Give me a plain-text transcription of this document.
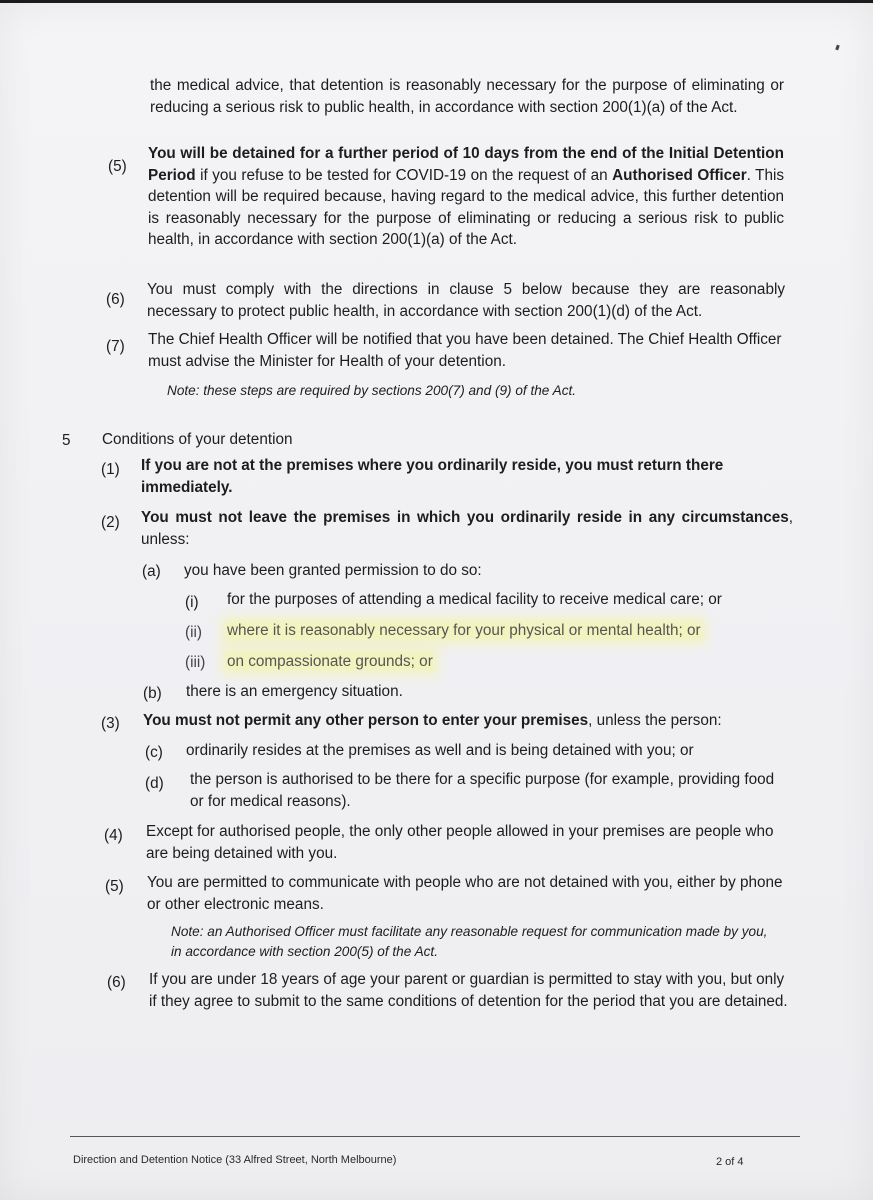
the medical advice, that detention is reasonably necessary for the purpose of eliminating or reducing a serious risk to public health, in accordance with section 200(1)(a) of the Act.
(5)
You will be detained for a further period of 10 days from the end of the Initial Detention Period if you refuse to be tested for COVID-19 on the request of an Authorised Officer. This detention will be required because, having regard to the medical advice, this further detention is reasonably necessary for the purpose of eliminating or reducing a serious risk to public health, in accordance with section 200(1)(a) of the Act.
(6)
You must comply with the directions in clause 5 below because they are reasonably necessary to protect public health, in accordance with section 200(1)(d) of the Act.
(7) The Chief Health Officer will be notified that you have been detained. The Chief Health Officer must advise the Minister for Health of your detention.
Note: these steps are required by sections 200(7) and (9) of the Act.
5 Conditions of your detention
(1) If you are not at the premises where you ordinarily reside, you must return there immediately.
(2) You must not leave the premises in which you ordinarily reside in any circumstances, unless:
(a) you have been granted permission to do so:
(i) for the purposes of attending a medical facility to receive medical care; or
(ii) where it is reasonably necessary for your physical or mental health; or
(iii) on compassionate grounds; or
(b) there is an emergency situation.
(3) You must not permit any other person to enter your premises, unless the person:
(c) ordinarily resides at the premises as well and is being detained with you; or
(d) the person is authorised to be there for a specific purpose (for example, providing food or for medical reasons).
(4) Except for authorised people, the only other people allowed in your premises are people who are being detained with you.
(5) You are permitted to communicate with people who are not detained with you, either by phone or other electronic means.
Note: an Authorised Officer must facilitate any reasonable request for communication made by you, in accordance with section 200(5) of the Act.
(6) If you are under 18 years of age your parent or guardian is permitted to stay with you, but only if they agree to submit to the same conditions of detention for the period that you are detained.
Direction and Detention Notice (33 Alfred Street, North Melbourne)	2 of 4
